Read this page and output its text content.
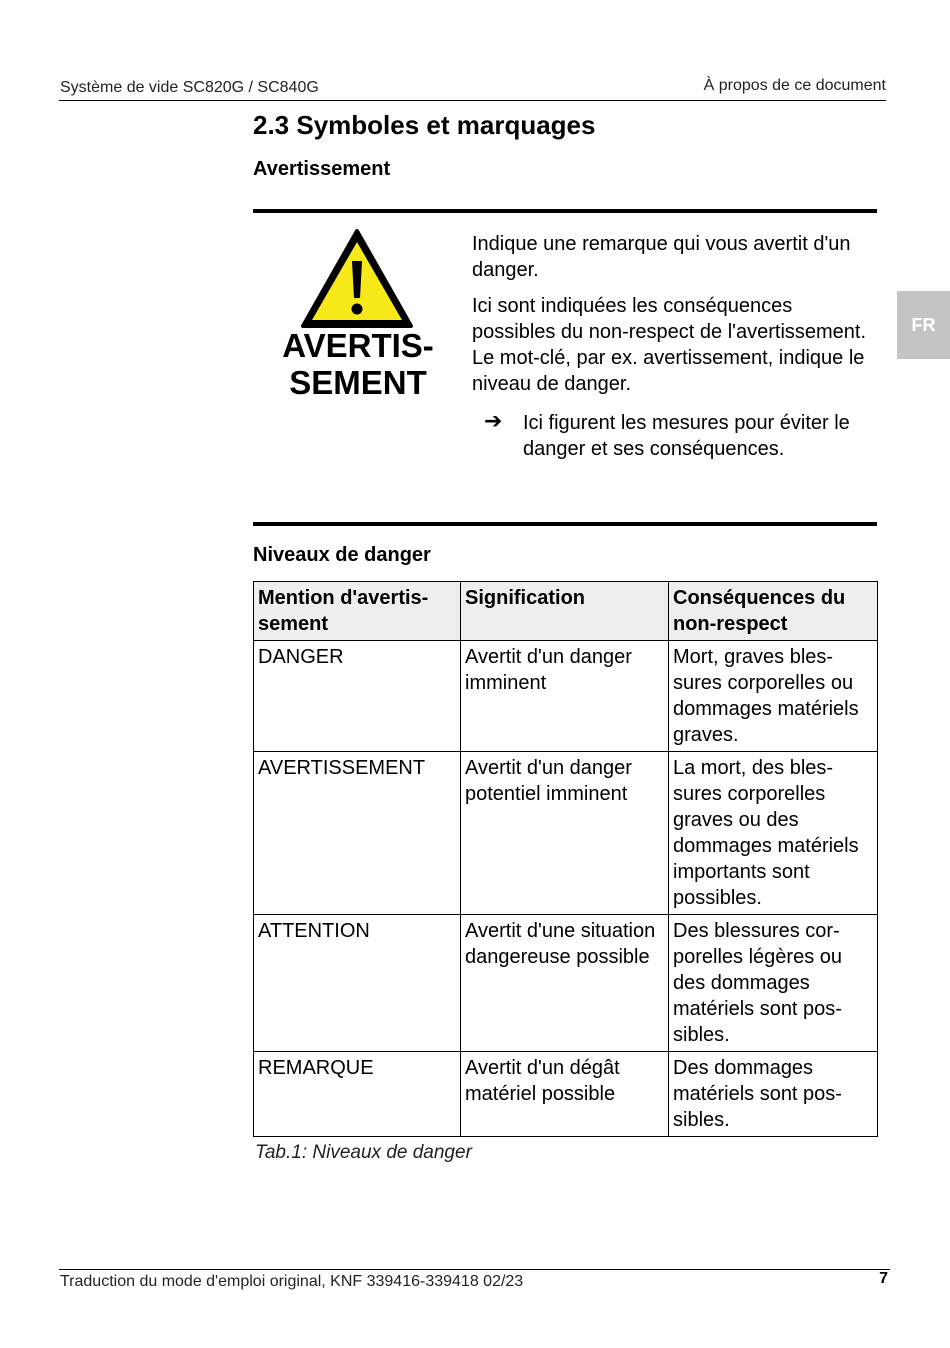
Système de vide SC820G / SC840G	À propos de ce document
2.3 Symboles et marquages
Avertissement
AVERTIS-
SEMENT

Indique une remarque qui vous avertit d'un danger.

Ici sont indiquées les conséquences possibles du non-respect de l'avertissement. Le mot-clé, par ex. avertissement, indique le niveau de danger.

➔ Ici figurent les mesures pour éviter le danger et ses conséquences.

FR
Niveaux de danger
Mention d'avertissement	Signification	Conséquences du non-respect
DANGER	Avertit d'un danger imminent	Mort, graves blessures corporelles ou dommages matériels graves.
AVERTISSEMENT	Avertit d'un danger potentiel imminent	La mort, des blessures corporelles graves ou des dommages matériels importants sont possibles.
ATTENTION	Avertit d'une situation dangereuse possible	Des blessures corporelles légères ou des dommages matériels sont possibles.
REMARQUE	Avertit d'un dégât matériel possible	Des dommages matériels sont possibles.
Tab.1: Niveaux de danger
Traduction du mode d'emploi original, KNF 339416-339418 02/23	7
